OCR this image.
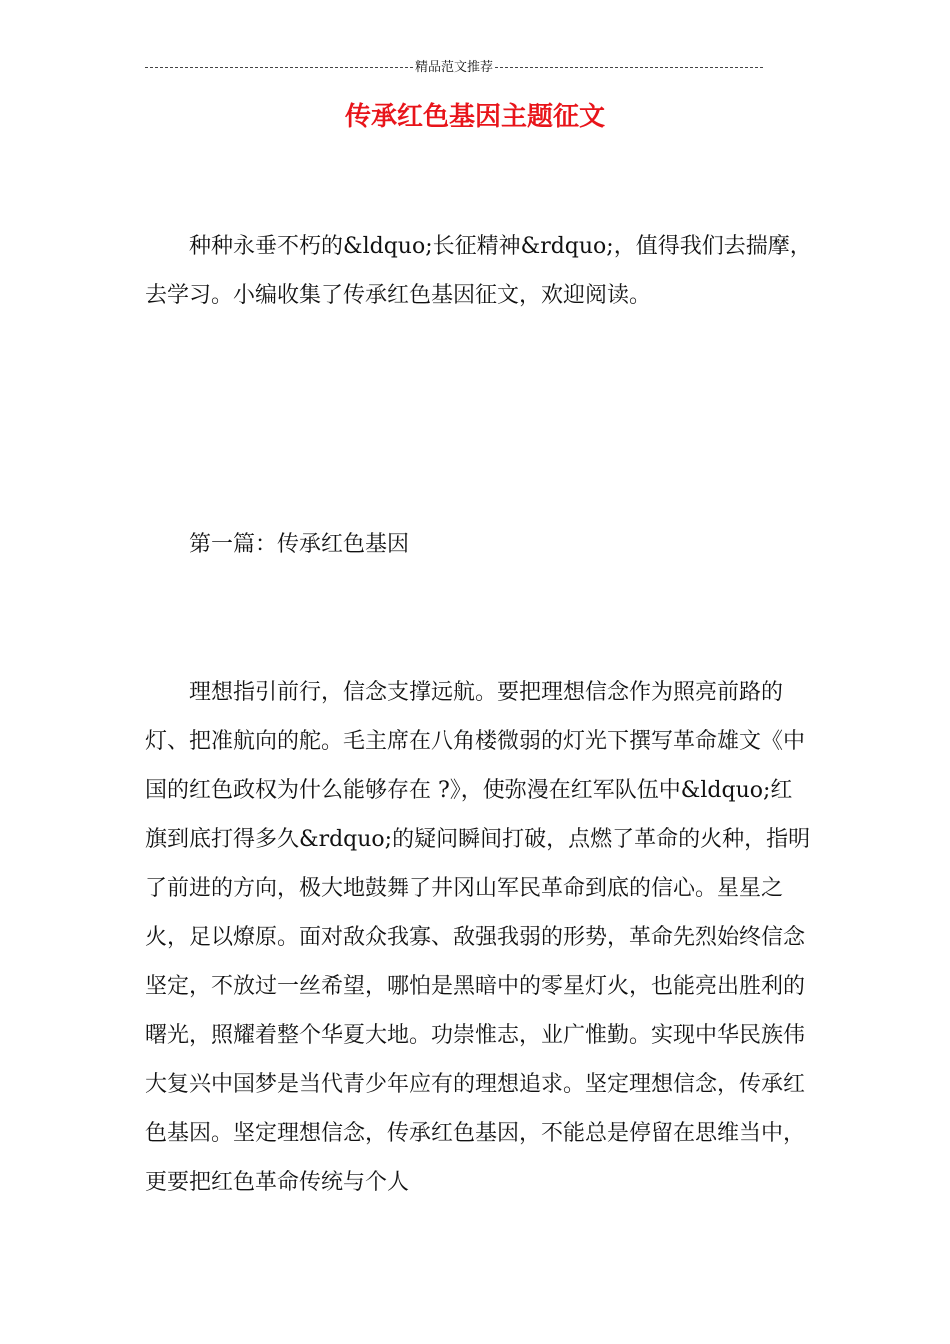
精品范文推荐
传承红色基因主题征文

种种永垂不朽的&ldquo;长征精神&rdquo;，值得我们去揣摩，去学习。小编收集了传承红色基因征文，欢迎阅读。

第一篇：传承红色基因

理想指引前行，信念支撑远航。要把理想信念作为照亮前路的灯、把准航向的舵。毛主席在八角楼微弱的灯光下撰写革命雄文《中国的红色政权为什么能够存在 ?》，使弥漫在红军队伍中&ldquo;红旗到底打得多久&rdquo;的疑问瞬间打破，点燃了革命的火种，指明了前进的方向，极大地鼓舞了井冈山军民革命到底的信心。星星之火，足以燎原。面对敌众我寡、敌强我弱的形势，革命先烈始终信念坚定，不放过一丝希望，哪怕是黑暗中的零星灯火，也能亮出胜利的曙光，照耀着整个华夏大地。功崇惟志，业广惟勤。实现中华民族伟大复兴中国梦是当代青少年应有的理想追求。坚定理想信念，传承红色基因。坚定理想信念，传承红色基因，不能总是停留在思维当中，更要把红色革命传统与个人
